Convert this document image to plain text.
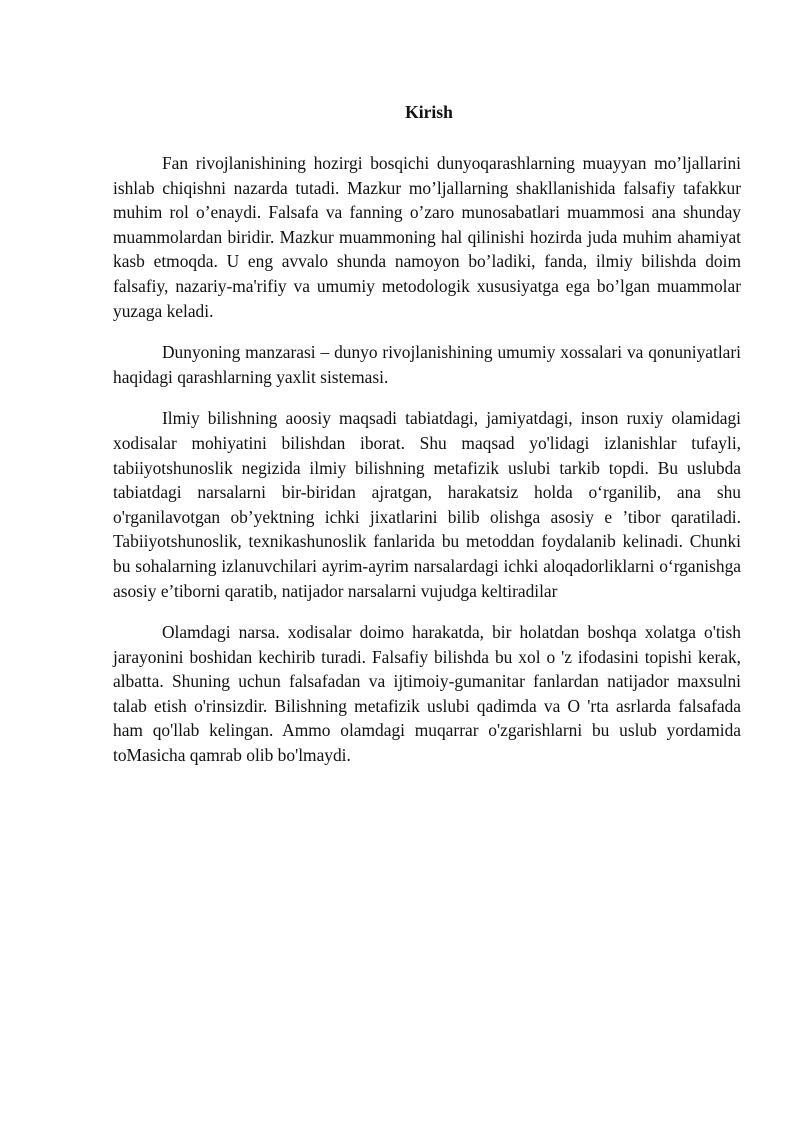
Kirish

Fan rivojlanishining hozirgi bosqichi dunyoqarashlarning muayyan mo’ljallarini ishlab chiqishni nazarda tutadi. Mazkur mo’ljallarning shakllanishida falsafiy tafakkur muhim rol o’enaydi. Falsafa va fanning o’zaro munosabatlari muammosi ana shunday muammolardan biridir. Mazkur muammoning hal qilinishi hozirda juda muhim ahamiyat kasb etmoqda. U eng avvalo shunda namoyon bo’ladiki, fanda, ilmiy bilishda doim falsafiy, nazariy-ma'rifiy va umumiy metodologik xususiyatga ega bo’lgan muammolar yuzaga keladi.

Dunyoning manzarasi – dunyo rivojlanishining umumiy xossalari va qonuniyatlari haqidagi qarashlarning yaxlit sistemasi.

Ilmiy bilishning aoosiy maqsadi tabiatdagi, jamiyatdagi, inson ruxiy olamidagi xodisalar mohiyatini bilishdan iborat. Shu maqsad yo'lidagi izlanishlar tufayli, tabiiyotshunoslik negizida ilmiy bilishning metafizik uslubi tarkib topdi. Bu uslubda tabiatdagi narsalarni bir-biridan ajratgan, harakatsiz holda o‘rganilib, ana shu o'rganilavotgan ob’yektning ichki jixatlarini bilib olishga asosiy e ’tibor qaratiladi. Tabiiyotshunoslik, texnikashunoslik fanlarida bu metoddan foydalanib kelinadi. Chunki bu sohalarning izlanuvchilari ayrim-ayrim narsalardagi ichki aloqadorliklarni o‘rganishga asosiy e’tiborni qaratib, natijador narsalarni vujudga keltiradilar

Olamdagi narsa. xodisalar doimo harakatda, bir holatdan boshqa xolatga o'tish jarayonini boshidan kechirib turadi. Falsafiy bilishda bu xol o 'z ifodasini topishi kerak, albatta. Shuning uchun falsafadan va ijtimoiy-gumanitar fanlardan natijador maxsulni talab etish o'rinsizdir. Bilishning metafizik uslubi qadimda va O 'rta asrlarda falsafada ham qo'llab kelingan. Ammo olamdagi muqarrar o'zgarishlarni bu uslub yordamida toMasicha qamrab olib bo'lmaydi.
